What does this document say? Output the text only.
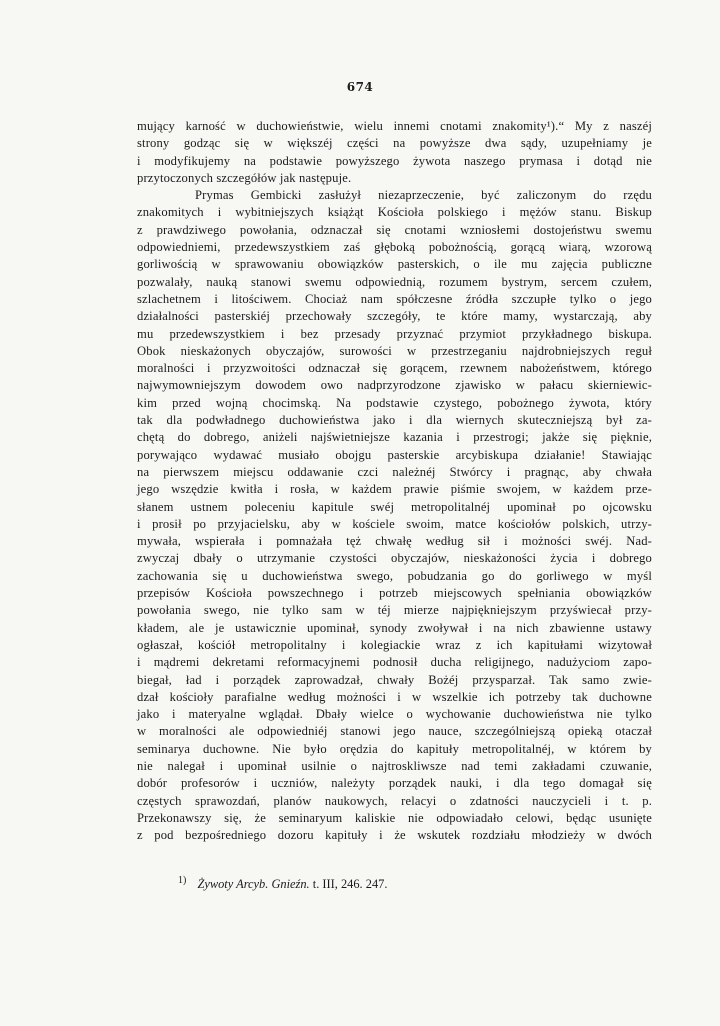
674
mujący karność w duchowieństwie, wielu innemi cnotami znakomity¹).“ My z naszéj
strony godząc się w większéj części na powyższe dwa sądy, uzupełniamy je
i modyfikujemy na podstawie powyższego żywota naszego prymasa i dotąd nie
przytoczonych szczegółów jak następuje.
Prymas Gembicki zasłużył niezaprzeczenie, być zaliczonym do rzędu
znakomitych i wybitniejszych książąt Kościoła polskiego i mężów stanu. Biskup
z prawdziwego powołania, odznaczał się cnotami wzniosłemi dostojeństwu swemu
odpowiedniemi, przedewszystkiem zaś głęboką pobożnością, gorącą wiarą, wzorową
gorliwością w sprawowaniu obowiązków pasterskich, o ile mu zajęcia publiczne
pozwalały, nauką stanowi swemu odpowiednią, rozumem bystrym, sercem czułem,
szlachetnem i litościwem. Chociaż nam spółczesne źródła szczupłe tylko o jego
działalności pasterskiéj przechowały szczegóły, te które mamy, wystarczają, aby
mu przedewszystkiem i bez przesady przyznać przymiot przykładnego biskupa.
Obok nieskażonych obyczajów, surowości w przestrzeganiu najdrobniejszych reguł
moralności i przyzwoitości odznaczał się gorącem, rzewnem nabożeństwem, którego
najwymowniejszym dowodem owo nadprzyrodzone zjawisko w pałacu skierniewic-
kim przed wojną chocimską. Na podstawie czystego, pobożnego żywota, który
tak dla podwładnego duchowieństwa jako i dla wiernych skuteczniejszą był za-
chętą do dobrego, aniżeli najświetniejsze kazania i przestrogi; jakże się pięknie,
porywająco wydawać musiało obojgu pasterskie arcybiskupa działanie! Stawiając
na pierwszem miejscu oddawanie czci należnéj Stwórcy i pragnąc, aby chwała
jego wszędzie kwitła i rosła, w każdem prawie piśmie swojem, w każdem prze-
słanem ustnem poleceniu kapitule swéj metropolitalnéj upominał po ojcowsku
i prosił po przyjacielsku, aby w kościele swoim, matce kościołów polskich, utrzy-
mywała, wspierała i pomnażała tęż chwałę według sił i możności swéj. Nad-
zwyczaj dbały o utrzymanie czystości obyczajów, nieskażoności życia i dobrego
zachowania się u duchowieństwa swego, pobudzania go do gorliwego w myśl
przepisów Kościoła powszechnego i potrzeb miejscowych spełniania obowiązków
powołania swego, nie tylko sam w téj mierze najpiękniejszym przyświecał przy-
kładem, ale je ustawicznie upominał, synody zwoływał i na nich zbawienne ustawy
ogłaszał, kościół metropolitalny i kolegiackie wraz z ich kapitułami wizytował
i mądremi dekretami reformacyjnemi podnosił ducha religijnego, nadużyciom zapo-
biegał, ład i porządek zaprowadzał, chwały Bożéj przysparzał. Tak samo zwie-
dzał kościoły parafialne według możności i w wszelkie ich potrzeby tak duchowne
jako i materyalne wglądał. Dbały wielce o wychowanie duchowieństwa nie tylko
w moralności ale odpowiedniéj stanowi jego nauce, szczególniejszą opieką otaczał
seminarya duchowne. Nie było orędzia do kapituły metropolitalnéj, w którem by
nie nalegał i upominał usilnie o najtroskliwsze nad temi zakładami czuwanie,
dobór profesorów i uczniów, należyty porządek nauki, i dla tego domagał się
częstych sprawozdań, planów naukowych, relacyi o zdatności nauczycieli i t. p.
Przekonawszy się, że seminaryum kaliskie nie odpowiadało celowi, będąc usunięte
z pod bezpośredniego dozoru kapituły i że wskutek rozdziału młodzieży w dwóch
$^{1)}$ Żywoty Arcyb. Gnieźn. t. III, 246. 247.
